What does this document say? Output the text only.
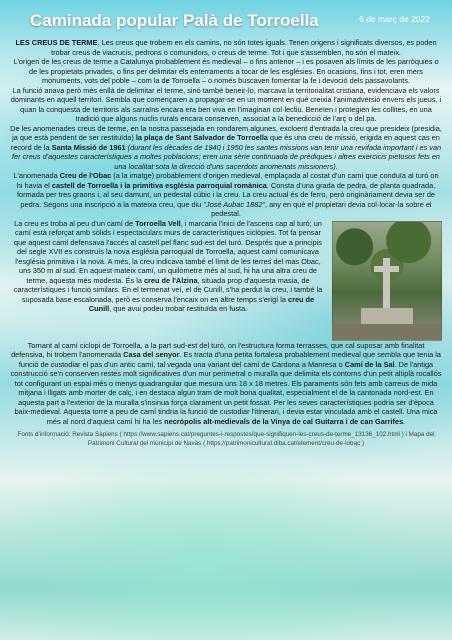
Caminada popular Palà de Torroella	6 de març de 2022

LES CREUS DE TERME. Les creus que trobem en els camins, no són totes iguals. Tenen origens i significats diversos, es poden trobar creus de viacrucis, pedrons o comunidors, o creus de terme. Tot i que s'assemblen, no són el mateix.

L'origen de les creus de terme a Catalunya probablement és medieval – o fins anterior – i es posaven als límits de les parròquies o de les propietats privades, o fins per delimitar els enterraments a tocar de les esglésies. En ocasions, fins i tot, eren mers monuments, vots del poble – com la de Torroella – o només buscaven fomentar la fe i devoció dels passavolants.

La funció anava però més enllà de delimitar el terme, sinó també beneir-lo, marcava la territorialitat cristiana, evidenciava els valors dominants en aquell territori. Sembla que començaren a propagar-se en un moment en què creixia l'animadversió envers els jueus, i quan la conquesta de territoris als sarraïns encara era ben viva en l'imaginari col·lectiu. Beneïen i protegien les collites, en una tradició que alguns nuclis rurals encara conserven, associat a la benedicció de l'arç o del pa.

De les anomenades creus de terme, en la nostra passejada en rondarem algunes, excloent d'entrada la creu que presideix (presidia, ja que està pendent de ser restituïda) la plaça de Sant Salvador de Torroella que és una creu de missió, erigida en aquest cas en record de la Santa Missió de 1961 (durant les dècades de 1940 i 1950 les santes missions van tenir una revifada important i es van fer creus d'aquestes característiques a moltes poblacions; eren una sèrie continuada de prèdiques i altres exercicis pietosos fets en una localitat sota la direcció d'uns sacerdots anomenats missioners).

L'anomenada Creu de l'Obac (a la imatge) probablement d'origen medieval, emplaçada al costat d'un camí que conduïa al turó on hi havia el castell de Torroella i la primitiva església parroquial romànica. Consta d'una grada de pedra, de planta quadrada, formada per tres graons i, al seu damunt, un pedestal cúbic i la creu. La creu actual és de ferro, però originàriament devia ser de pedra. Segons una inscripció a la mateixa creu, que diu "José Aubac 1882", any en què el propietari devia col·locar-la sobre el pedestal.

La creu es troba al peu d'un camí de Torroella Vell, i marcaria l'inici de l'ascens cap al turó; un camí està reforçat amb sòlids i espectaculars murs de característiques ciclòpies. Tot fa pensar que aquest camí defensava l'accés al castell pel flanc sud-est del turó. Després que a principis del segle XVII es construís la nova església parroquial de Torroella, aquest camí comunicava l'església primitiva i la nova. A més, la creu indicava també el límit de les terres del mas Obac, uns 350 m al sud. En aquest mateix camí, un quilòmetre més al sud, hi ha una altra creu de terme, aquesta més modesta. És la creu de l'Alzina, situada prop d'aquesta masia, de característiques i funció similars. En el termenat veí, el de Cunill, s'ha perdut la creu, i també la suposada base escalonada, però es conserva l'encaix on en altre temps s'erigí la creu de Cunill, que avui podeu trobar restituïda en fusta.

Tornant al camí ciclopi de Torroella, a la part sud-est del turó, on l'estructura forma terrasses, que cal suposar amb finalitat defensiva, hi trobem l'anomenada Casa del senyor. Es tracta d'una petita fortalesa probablement medieval que sembla que tenia la funció de custodiar el pas d'un antic camí, tal vegada una variant del camí de Cardona a Manresa o Camí de la Sal. De l'antiga construcció se'n conserven restes molt significatives d'un mur perimetral o muralla que delimita els contorns d'un petit altiplà rocallós tot configurant un espai més o menys quadrangular que mesura uns 18 x 18 metres. Els paraments són fets amb carreus de mida mitjana i lligats amb morter de calç, i en destaca algun tram de molt bona qualitat, especialment el de la cantonada nord-est. En aquesta part a l'exterior de la muralla s'insinua força clarament un petit fossat. Per les seves característiques podria ser d'època baix-medieval. Aquesta torre a peu de camí tindria la funció de custodiar l'itinerari, i devia estar vinculada amb el castell. Una mica més al nord d'aquest camí hi ha les necròpolis alt-medievals de la Vinya de cal Guitarra i de can Garrifes.

Fonts d'informació: Revista Sàpiens ( https://www.sapiens.cat/preguntes-i-respostes/que-signifiquen-les-creus-de-terme_13136_102.html ) i Mapa del Patrimoni Cultural del municipi de Navàs ( https://patrimonicultural.diba.cat/element/creu-de-lobac )
